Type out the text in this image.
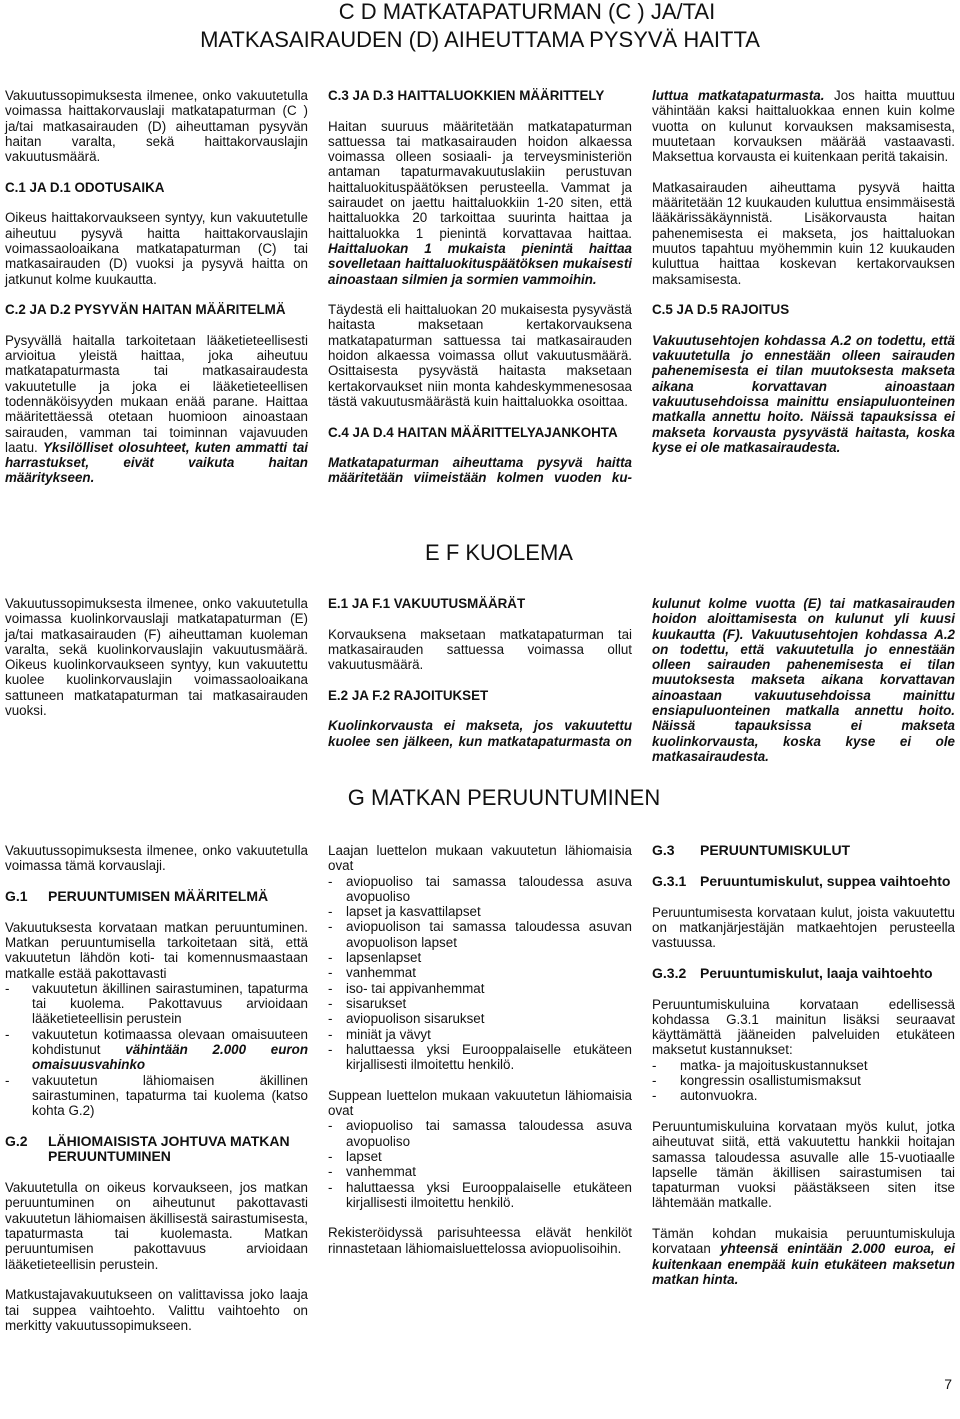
C D MATKATAPATURMAN (C ) JA/TAI
MATKASAIRAUDEN (D) AIHEUTTAMA PYSYVÄ HAITTA

Vakuutussopimuksesta ilmenee, onko vakuutetulla voimassa haittakorvauslaji matkatapaturman (C ) ja/tai matkasairauden (D) aiheuttaman pysyvän haitan varalta, sekä haittakorvauslajin vakuutusmäärä.

C.1 JA D.1 ODOTUSAIKA

Oikeus haittakorvaukseen syntyy, kun vakuutetulle aiheutuu pysyvä haitta haittakorvauslajin voimassaoloaikana matkatapaturman (C) tai matkasairauden (D) vuoksi ja pysyvä haitta on jatkunut kolme kuukautta.

C.2 JA D.2 PYSYVÄN HAITAN MÄÄRITELMÄ

Pysyvällä haitalla tarkoitetaan lääketieteellisesti arvioitua yleistä haittaa, joka aiheutuu matkatapaturmasta tai matkasairaudesta vakuutetulle ja joka ei lääketieteellisen todennäköisyyden mukaan enää parane. Haittaa määritettäessä otetaan huomioon ainoastaan sairauden, vamman tai toiminnan vajavuuden laatu. Yksilölliset olosuhteet, kuten ammatti tai harrastukset, eivät vaikuta haitan määritykseen.

C.3 JA D.3 HAITTALUOKKIEN MÄÄRITTELY

Haitan suuruus määritetään matkatapaturman sattuessa tai matkasairauden hoidon alkaessa voimassa olleen sosiaali- ja terveysministeriön antaman tapaturmavakuutuslakiin perustuvan haittaluokituspäätöksen perusteella. Vammat ja sairaudet on jaettu haittaluokkiin 1-20 siten, että haittaluokka 20 tarkoittaa suurinta haittaa ja haittaluokka 1 pienintä korvattavaa haittaa. Haittaluokan 1 mukaista pienintä haittaa sovelletaan haittaluokituspäätöksen mukaisesti ainoastaan silmien ja sormien vammoihin.

Täydestä eli haittaluokan 20 mukaisesta pysyvästä haitasta maksetaan kertakorvauksena matkatapaturman sattuessa tai matkasairauden hoidon alkaessa voimassa ollut vakuutusmäärä. Osittaisesta pysyvästä haitasta maksetaan kertakorvaukset niin monta kahdeskymmenesosaa tästä vakuutusmäärästä kuin haittaluokka osoittaa.

C.4 JA D.4 HAITAN MÄÄRITTELYAJANKOHTA

Matkatapaturman aiheuttama pysyvä haitta määritetään viimeistään kolmen vuoden ku-

luttua matkatapaturmasta. Jos haitta muuttuu vähintään kaksi haittaluokkaa ennen kuin kolme vuotta on kulunut korvauksen maksamisesta, muutetaan korvauksen määrää vastaavasti. Maksettua korvausta ei kuitenkaan peritä takaisin.

Matkasairauden aiheuttama pysyvä haitta määritetään 12 kuukauden kuluttua ensimmäisestä lääkärissäkäynnistä. Lisäkorvausta haitan pahenemisesta ei makseta, jos haittaluokan muutos tapahtuu myöhemmin kuin 12 kuukauden kuluttua haittaa koskevan kertakorvauksen maksamisesta.

C.5 JA D.5 RAJOITUS

Vakuutusehtojen kohdassa A.2 on todettu, että vakuutetulla jo ennestään olleen sairauden pahenemisesta ei tilan muutoksesta makseta aikana korvattavan ainoastaan vakuutusehdoissa mainittu ensiapuluonteinen matkalla annettu hoito. Näissä tapauksissa ei makseta korvausta pysyvästä haitasta, koska kyse ei ole matkasairaudesta.

E F KUOLEMA

Vakuutussopimuksesta ilmenee, onko vakuutetulla voimassa kuolinkorvauslaji matkatapaturman (E) ja/tai matkasairauden (F) aiheuttaman kuoleman varalta, sekä kuolinkorvauslajin vakuutusmäärä. Oikeus kuolinkorvaukseen syntyy, kun vakuutettu kuolee kuolinkorvauslajin voimassaoloaikana sattuneen matkatapaturman tai matkasairauden vuoksi.

E.1 JA F.1 VAKUUTUSMÄÄRÄT

Korvauksena maksetaan matkatapaturman tai matkasairauden sattuessa voimassa ollut vakuutusmäärä.

E.2 JA F.2 RAJOITUKSET

Kuolinkorvausta ei makseta, jos vakuutettu kuolee sen jälkeen, kun matkatapaturmasta on

kulunut kolme vuotta (E) tai matkasairauden hoidon aloittamisesta on kulunut yli kuusi kuukautta (F). Vakuutusehtojen kohdassa A.2 on todettu, että vakuutetulla jo ennestään olleen sairauden pahenemisesta ei tilan muutoksesta makseta aikana korvattavan ainoastaan vakuutusehdoissa mainittu ensiapuluonteinen matkalla annettu hoito. Näissä tapauksissa ei makseta kuolinkorvausta, koska kyse ei ole matkasairaudesta.

G MATKAN PERUUNTUMINEN

Vakuutussopimuksesta ilmenee, onko vakuutetulla voimassa tämä korvauslaji.

G.1	PERUUNTUMISEN MÄÄRITELMÄ

Vakuutuksesta korvataan matkan peruuntuminen. Matkan peruuntumisella tarkoitetaan sitä, että vakuutetun lähdön koti- tai komennusmaastaan matkalle estää pakottavasti

-	vakuutetun äkillinen sairastuminen, tapaturma tai kuolema. Pakottavuus arvioidaan lääketieteellisin perustein
-	vakuutetun kotimaassa olevaan omaisuuteen kohdistunut vähintään 2.000 euron omaisuusvahinko
-	vakuutetun lähiomaisen äkillinen sairastuminen, tapaturma tai kuolema (katso kohta G.2)
G.2	LÄHIOMAISISTA JOHTUVA MATKAN PERUUNTUMINEN

Vakuutetulla on oikeus korvaukseen, jos matkan peruuntuminen on aiheutunut pakottavasti vakuutetun lähiomaisen äkillisestä sairastumisesta, tapaturmasta tai kuolemasta. Matkan peruuntumisen pakottavuus arvioidaan lääketieteellisin perustein.

Matkustajavakuutukseen on valittavissa joko laaja tai suppea vaihtoehto. Valittu vaihtoehto on merkitty vakuutussopimukseen.

Laajan luettelon mukaan vakuutetun lähiomaisia ovat

-	aviopuoliso tai samassa taloudessa asuva avopuoliso
-	lapset ja kasvattilapset
-	aviopuolison tai samassa taloudessa asuvan avopuolison lapset
-	lapsenlapset
-	vanhemmat
-	iso- tai appivanhemmat
-	sisarukset
-	aviopuolison sisarukset
-	miniät ja vävyt
-	haluttaessa yksi Eurooppalaiselle etukäteen kirjallisesti ilmoitettu henkilö.

Suppean luettelon mukaan vakuutetun lähiomaisia ovat

-	aviopuoliso tai samassa taloudessa asuva avopuoliso
-	lapset
-	vanhemmat
-	haluttaessa yksi Eurooppalaiselle etukäteen kirjallisesti ilmoitettu henkilö.

Rekisteröidyssä parisuhteessa elävät henkilöt rinnastetaan lähiomaisluettelossa aviopuolisoihin.

G.3	PERUUNTUMISKULUT
G.3.1 Peruuntumiskulut, suppea vaihtoehto

Peruuntumisesta korvataan kulut, joista vakuutettu on matkanjärjestäjän matkaehtojen perusteella vastuussa.

G.3.2 Peruuntumiskulut, laaja vaihtoehto

Peruuntumiskuluina korvataan edellisessä kohdassa G.3.1 mainitun lisäksi seuraavat käyttämättä jääneiden palveluiden etukäteen maksetut kustannukset:

-	matka- ja majoituskustannukset
-	kongressin osallistumismaksut
-	autonvuokra.

Peruuntumiskuluina korvataan myös kulut, jotka aiheutuvat siitä, että vakuutettu hankkii hoitajan samassa taloudessa asuvalle alle 15-vuotiaalle lapselle tämän äkillisen sairastumisen tai tapaturman vuoksi päästäkseen siten itse lähtemään matkalle.

Tämän kohdan mukaisia peruuntumiskuluja korvataan yhteensä enintään 2.000 euroa, ei kuitenkaan enempää kuin etukäteen maksetun matkan hinta.

7
